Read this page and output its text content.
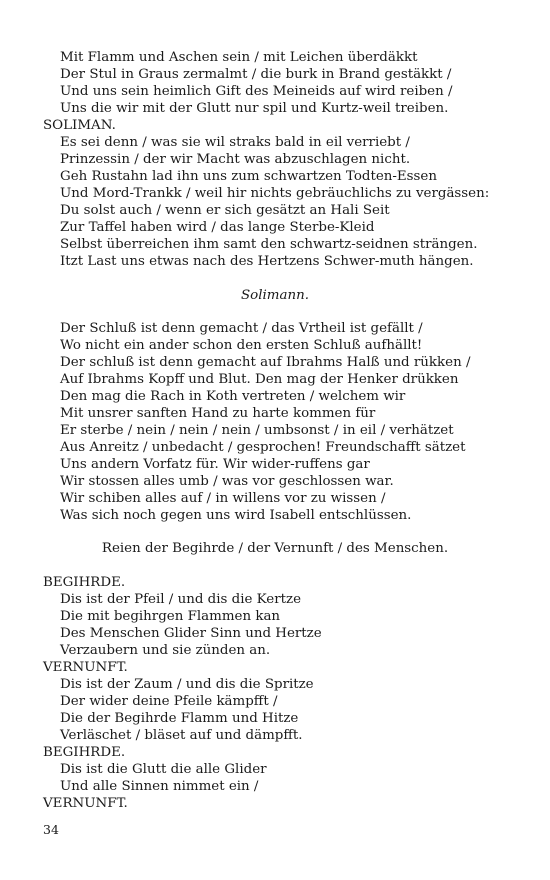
Mit Flamm und Aschen sein / mit Leichen überdäkkt
Der Stul in Graus zermalmt / die burk in Brand gestäkkt /
Und uns sein heimlich Gift des Meineids auf wird reiben /
Uns die wir mit der Glutt nur spil und Kurtz-weil treiben.
SOLIMAN.
Es sei denn / was sie wil straks bald in eil verriebt /
Prinzessin / der wir Macht was abzuschlagen nicht.
Geh Rustahn lad ihn uns zum schwartzen Todten-Essen
Und Mord-Trankk / weil hir nichts gebräuchlichs zu vergässen:
Du solst auch / wenn er sich gesätzt an Hali Seit
Zur Taffel haben wird / das lange Sterbe-Kleid
Selbst überreichen ihm samt den schwartz-seidnen strängen.
Itzt Last uns etwas nach des Hertzens Schwer-muth hängen.
Solimann.
Der Schluß ist denn gemacht / das Vrtheil ist gefällt /
Wo nicht ein ander schon den ersten Schluß aufhällt!
Der schluß ist denn gemacht auf Ibrahms Halß und rükken /
Auf Ibrahms Kopff und Blut. Den mag der Henker drükken
Den mag die Rach in Koth vertreten / welchem wir
Mit unsrer sanften Hand zu harte kommen für
Er sterbe / nein / nein / nein / umbsonst / in eil / verhätzet
Aus Anreitz / unbedacht / gesprochen! Freundschafft sätzet
Uns andern Vorfatz für. Wir wider-ruffens gar
Wir stossen alles umb / was vor geschlossen war.
Wir schiben alles auf / in willens vor zu wissen /
Was sich noch gegen uns wird Isabell entschlüssen.
Reien der Begihrde / der Vernunft / des Menschen.
BEGIHRDE.
Dis ist der Pfeil / und dis die Kertze
Die mit begihrgen Flammen kan
Des Menschen Glider Sinn und Hertze
Verzaubern und sie zünden an.
VERNUNFT.
Dis ist der Zaum / und dis die Spritze
Der wider deine Pfeile kämpfft /
Die der Begihrde Flamm und Hitze
Verläschet / bläset auf und dämpfft.
BEGIHRDE.
Dis ist die Glutt die alle Glider
Und alle Sinnen nimmet ein /
VERNUNFT.
34
